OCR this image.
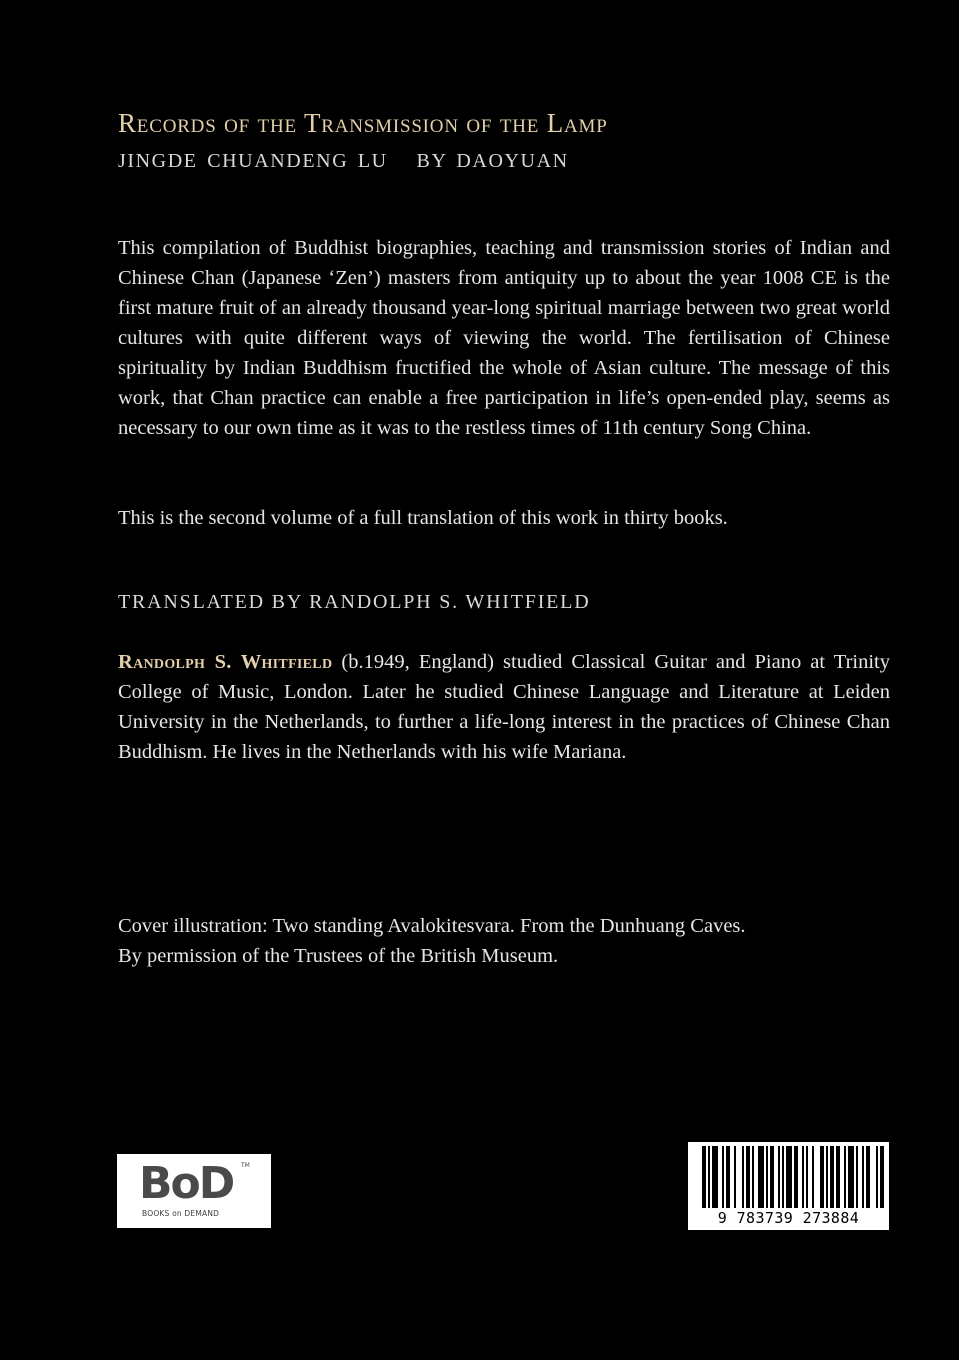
Records of the Transmission of the Lamp
JINGDE CHUANDENG LU   BY DAOYUAN

This compilation of Buddhist biographies, teaching and transmission stories of Indian and Chinese Chan (Japanese ‘Zen’) masters from antiquity up to about the year 1008 CE is the first mature fruit of an already thousand year-long spiritual marriage between two great world cultures with quite different ways of viewing the world. The fertilisation of Chinese spirituality by Indian Buddhism fructified the whole of Asian culture. The message of this work, that Chan practice can enable a free participation in life’s open-ended play, seems as necessary to our own time as it was to the restless times of 11th century Song China.

This is the second volume of a full translation of this work in thirty books.

TRANSLATED BY RANDOLPH S. WHITFIELD

Randolph S. Whitfield (b.1949, England) studied Classical Guitar and Piano at Trinity College of Music, London. Later he studied Chinese Language and Literature at Leiden University in the Netherlands, to further a life-long interest in the practices of Chinese Chan Buddhism. He lives in the Netherlands with his wife Mariana.

Cover illustration: Two standing Avalokitesvara. From the Dunhuang Caves.
By permission of the Trustees of the British Museum.

BoD TM
BOOKS on DEMAND	9 783739 273884
